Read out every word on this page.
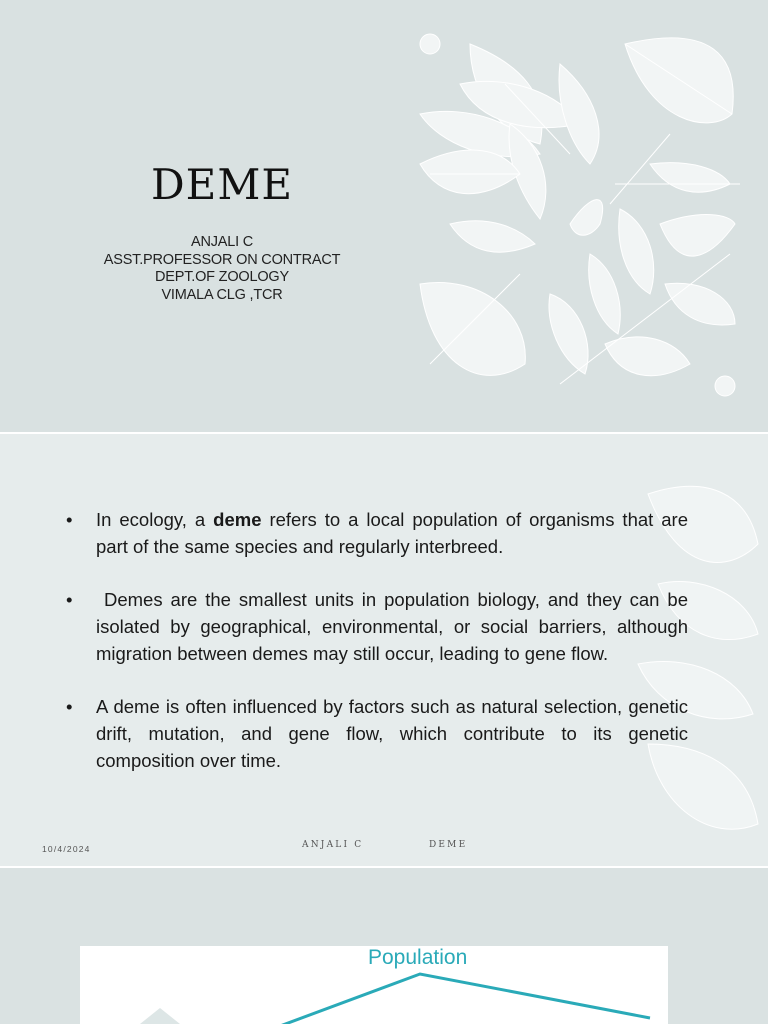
DEME
ANJALI C
ASST.PROFESSOR ON CONTRACT
DEPT.OF ZOOLOGY
VIMALA CLG ,TCR
• In ecology, a deme refers to a local population of organisms that are part of the same species and regularly interbreed.
• Demes are the smallest units in population biology, and they can be isolated by geographical, environmental, or social barriers, although migration between demes may still occur, leading to gene flow.
• A deme is often influenced by factors such as natural selection, genetic drift, mutation, and gene flow, which contribute to its genetic composition over time.
10/4/2024	ANJALI C	DEME
Population
